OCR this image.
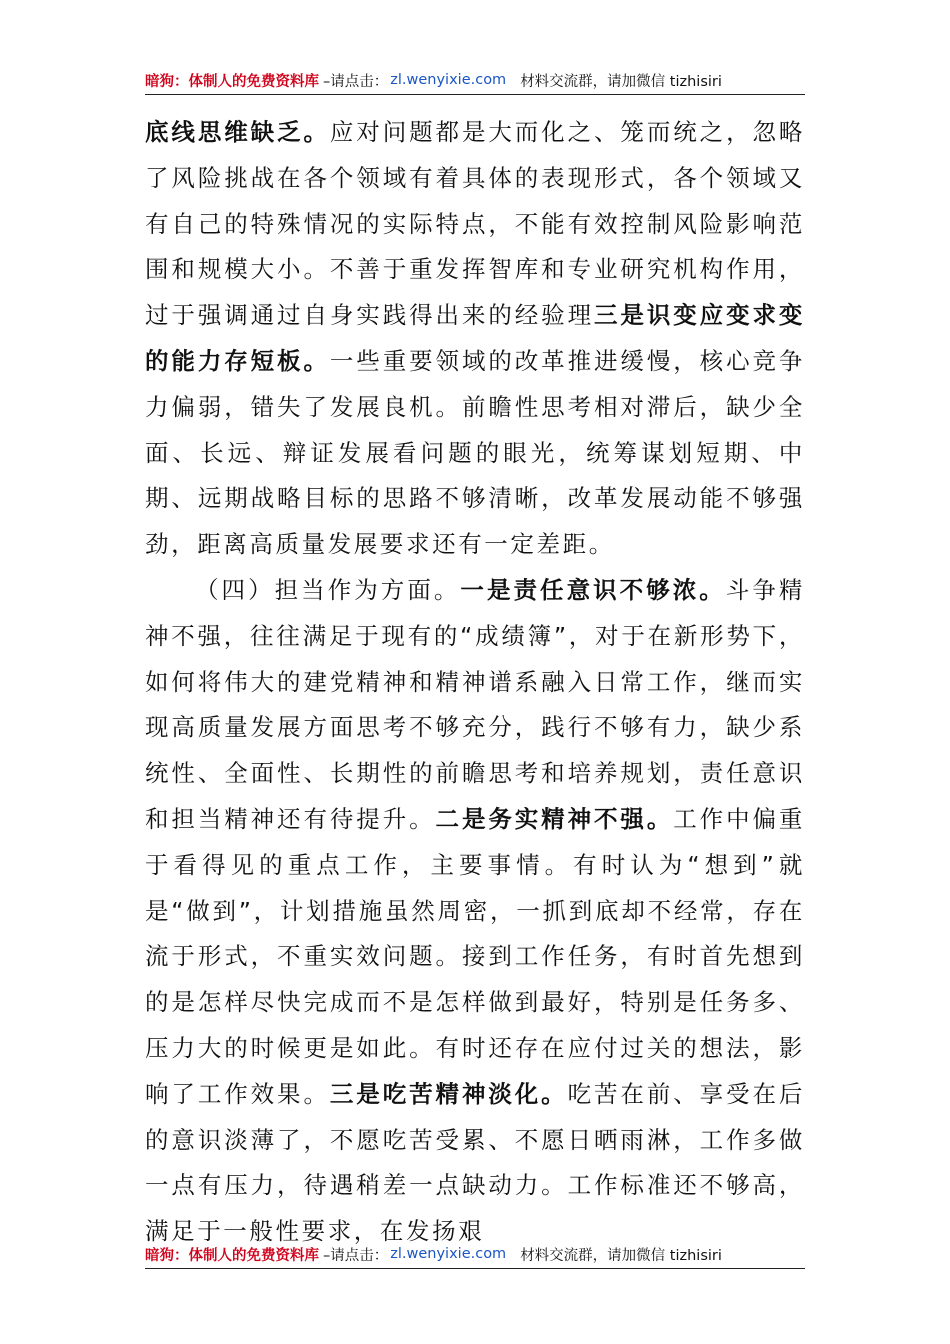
暗狗：体制人的免费资料库 –请点击： zl.wenyixie.com 材料交流群，请加微信 tizhisiri

底线思维缺乏。应对问题都是大而化之、笼而统之，忽略了风险挑战在各个领域有着具体的表现形式，各个领域又有自己的特殊情况的实际特点，不能有效控制风险影响范围和规模大小。不善于重发挥智库和专业研究机构作用，过于强调通过自身实践得出来的经验理三是识变应变求变的能力存短板。一些重要领域的改革推进缓慢，核心竞争力偏弱，错失了发展良机。前瞻性思考相对滞后，缺少全面、长远、辩证发展看问题的眼光，统筹谋划短期、中期、远期战略目标的思路不够清晰，改革发展动能不够强劲，距离高质量发展要求还有一定差距。

（四）担当作为方面。一是责任意识不够浓。斗争精神不强，往往满足于现有的“成绩簿”，对于在新形势下，如何将伟大的建党精神和精神谱系融入日常工作，继而实现高质量发展方面思考不够充分，践行不够有力，缺少系统性、全面性、长期性的前瞻思考和培养规划，责任意识和担当精神还有待提升。二是务实精神不强。工作中偏重于看得见的重点工作，主要事情。有时认为“想到”就是“做到”，计划措施虽然周密，一抓到底却不经常，存在流于形式，不重实效问题。接到工作任务，有时首先想到的是怎样尽快完成而不是怎样做到最好，特别是任务多、压力大的时候更是如此。有时还存在应付过关的想法，影响了工作效果。三是吃苦精神淡化。吃苦在前、享受在后的意识淡薄了，不愿吃苦受累、不愿日晒雨淋，工作多做一点有压力，待遇稍差一点缺动力。工作标准还不够高，满足于一般性要求，在发扬艰

暗狗：体制人的免费资料库 –请点击： zl.wenyixie.com 材料交流群，请加微信 tizhisiri
